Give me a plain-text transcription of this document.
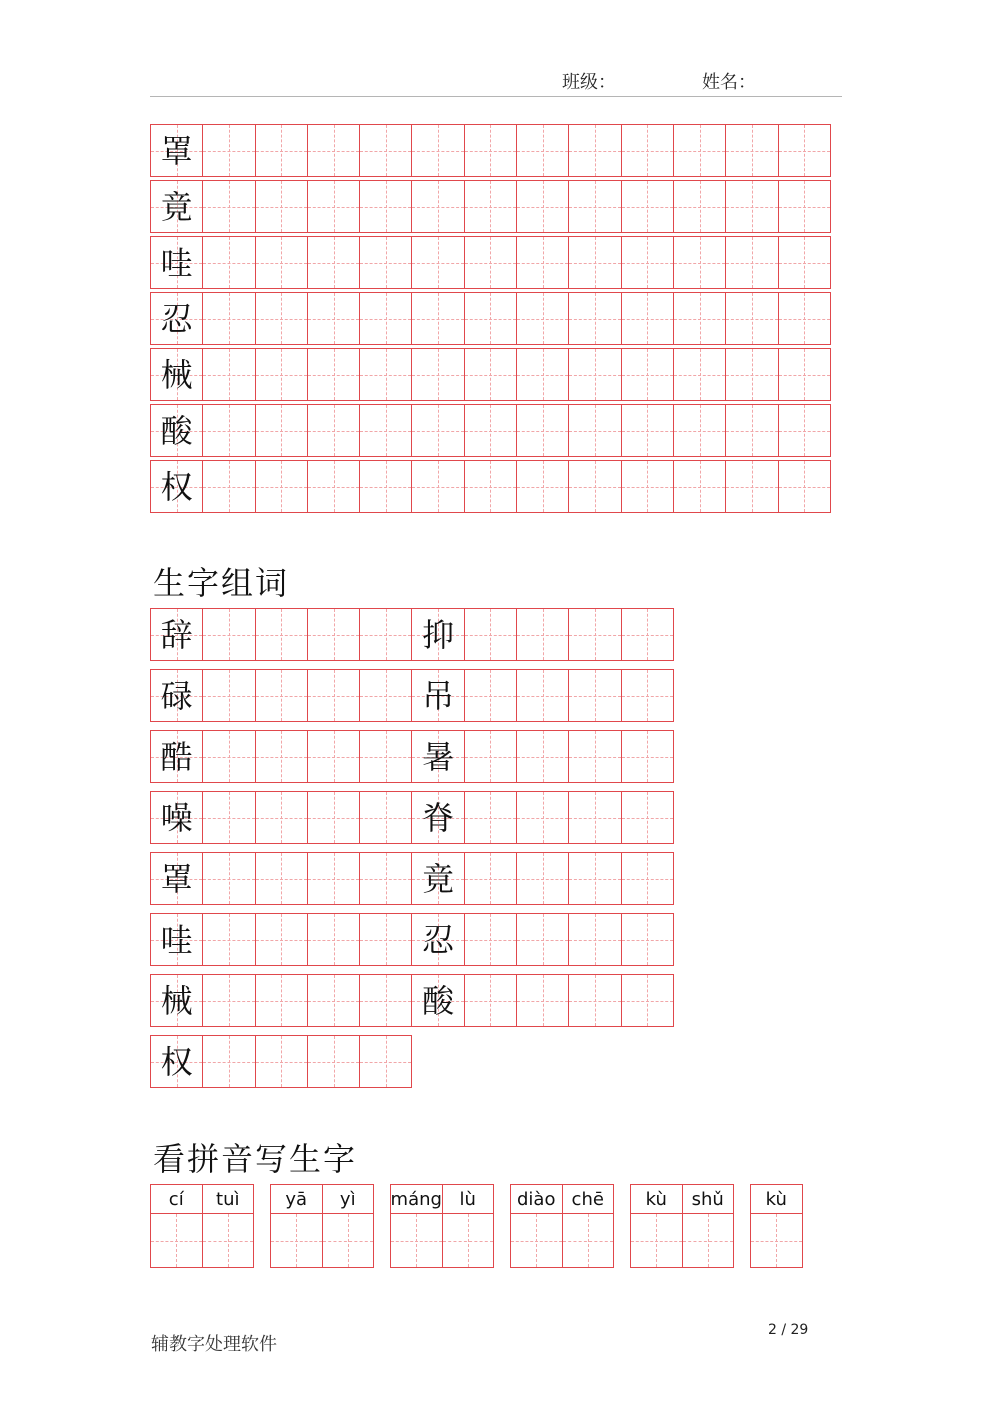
班级：	姓名：
罩
竟
哇
忍
械
酸
权
生字组词
辞	抑
碌	吊
酷	暑
噪	脊
罩	竟
哇	忍
械	酸
权
看拼音写生字
cí	tuì	yā	yì	máng lù	diào chē	kù	shǔ	kù
辅教字处理软件
2 / 29
